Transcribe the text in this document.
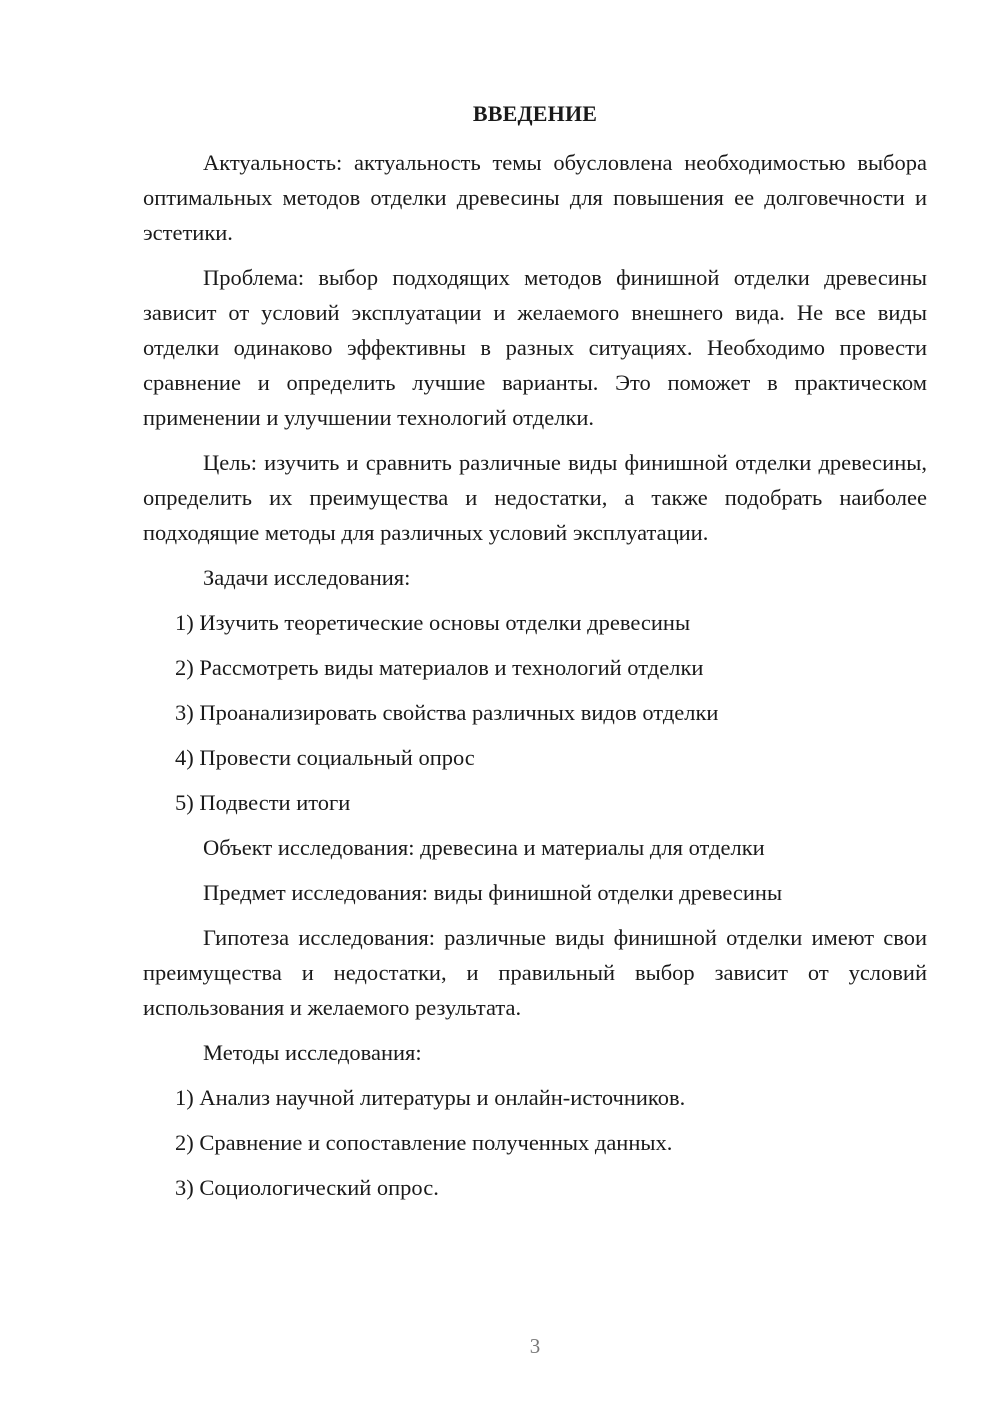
ВВЕДЕНИЕ

Актуальность: актуальность темы обусловлена необходимостью выбора оптимальных методов отделки древесины для повышения ее долговечности и эстетики.

Проблема: выбор подходящих методов финишной отделки древесины зависит от условий эксплуатации и желаемого внешнего вида. Не все виды отделки одинаково эффективны в разных ситуациях. Необходимо провести сравнение и определить лучшие варианты. Это поможет в практическом применении и улучшении технологий отделки.

Цель: изучить и сравнить различные виды финишной отделки древесины, определить их преимущества и недостатки, а также подобрать наиболее подходящие методы для различных условий эксплуатации.

Задачи исследования:

1) Изучить теоретические основы отделки древесины

2) Рассмотреть виды материалов и технологий отделки

3) Проанализировать свойства различных видов отделки

4) Провести социальный опрос

5) Подвести итоги

Объект исследования: древесина и материалы для отделки

Предмет исследования: виды финишной отделки древесины

Гипотеза исследования: различные виды финишной отделки имеют свои преимущества и недостатки, и правильный выбор зависит от условий использования и желаемого результата.

Методы исследования:

1) Анализ научной литературы и онлайн-источников.

2) Сравнение и сопоставление полученных данных.

3) Социологический опрос.

3
